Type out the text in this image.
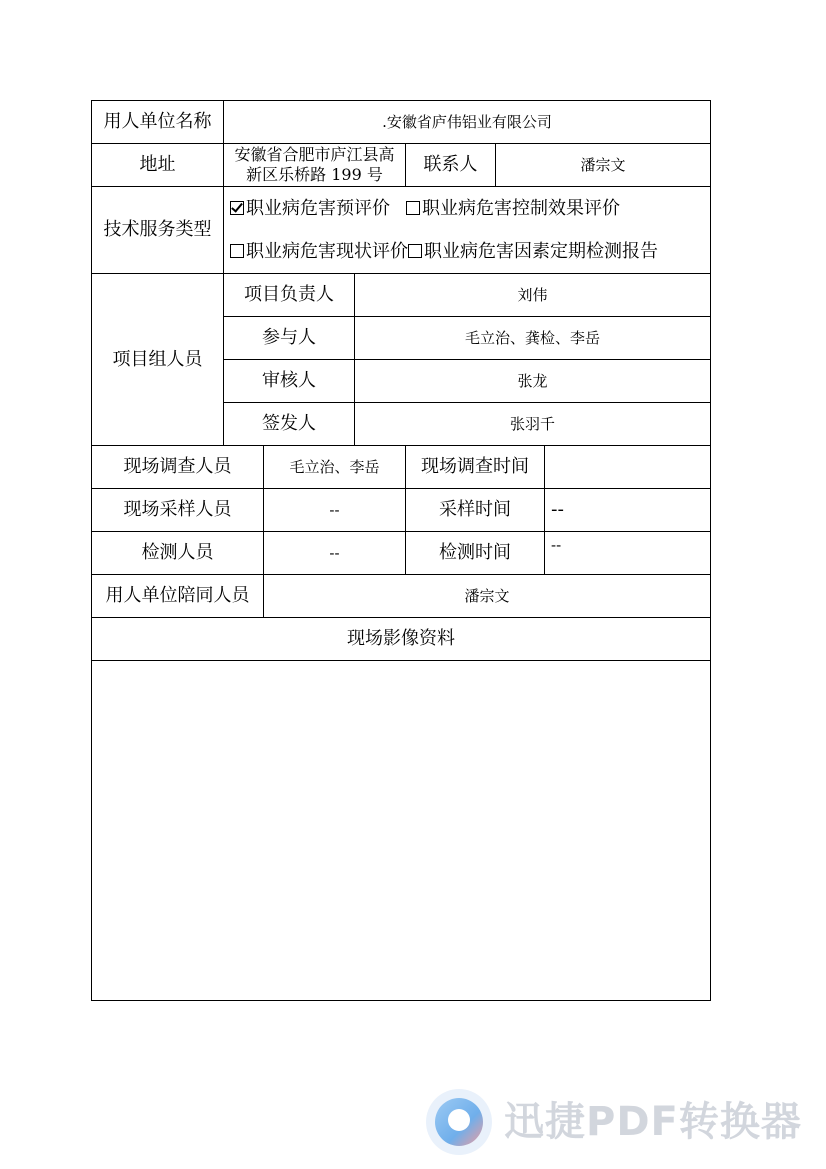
用人单位名称	.安徽省庐伟铝业有限公司					
地址	安徽省合肥市庐江县高新区乐桥路 199 号			联系人	潘宗文	
技术服务类型	职业病危害预评价 职业病危害控制效果评价
职业病危害现状评价 职业病危害因素定期检测报告					

项目组人员	项目负责人		刘伟			
	参与人		毛立治、龚检、李岳			
	审核人		张龙			
	签发人		张羽千			
现场调查人员		毛立治、李岳		现场调查时间		
现场采样人员		--		采样时间		--
检测人员		--		检测时间		--
用人单位陪同人员		潘宗文				
现场影像资料						

迅捷PDF转换器
